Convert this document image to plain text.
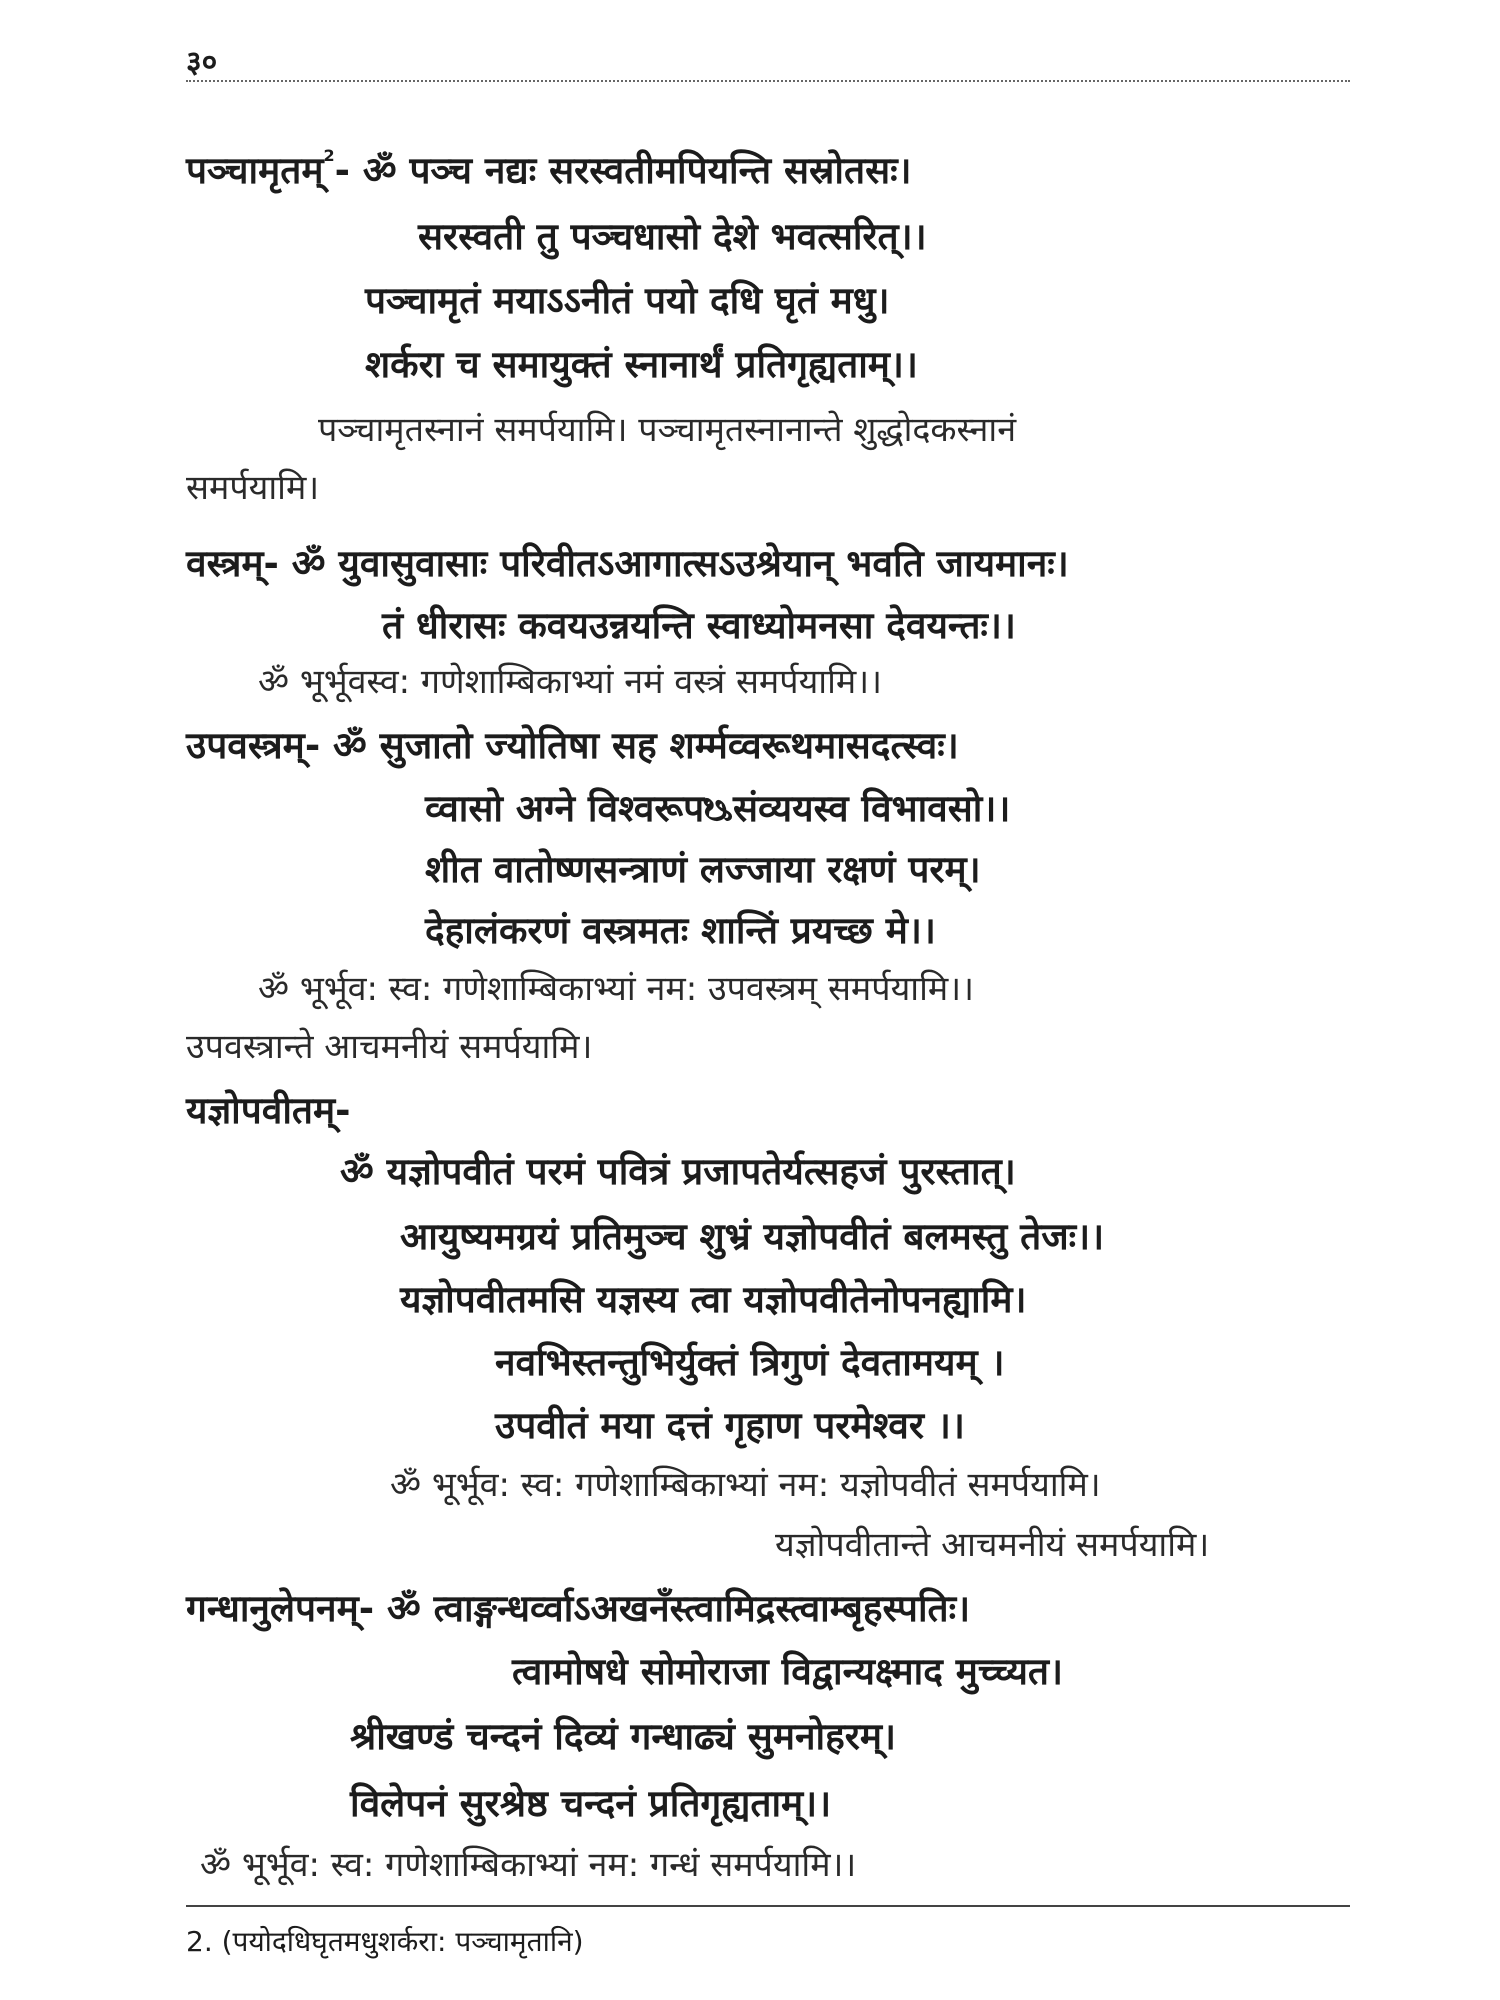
३०
पञ्चामृतम्$^2$- ॐ पञ्च नद्यः सरस्वतीमपियन्ति सस्रोतसः।
सरस्वती तु पञ्चधासो देशे भवत्सरित्।।
पञ्चामृतं मयाऽऽनीतं पयो दधि घृतं मधु।
शर्करा च समायुक्तं स्नानार्थं प्रतिगृह्यताम्।।
पञ्चामृतस्नानं समर्पयामि। पञ्चामृतस्नानान्ते शुद्धोदकस्नानं
समर्पयामि।
वस्त्रम्- ॐ युवासुवासाः परिवीतऽआगात्सऽउश्रेयान् भवति जायमानः।
तं धीरासः कवयउन्नयन्ति स्वाध्योमनसा देवयन्तः।।
ॐ भूर्भूवस्व: गणेशाम्बिकाभ्यां नमं वस्त्रं समर्पयामि।।
उपवस्त्रम्- ॐ सुजातो ज्योतिषा सह शर्म्मव्वरूथमासदत्स्वः।
व्वासो अग्ने विश्वरूपᳬसंव्ययस्व विभावसो।।
शीत वातोष्णसन्त्राणं लज्जाया रक्षणं परम्।
देहालंकरणं वस्त्रमतः शान्तिं प्रयच्छ मे।।
ॐ भूर्भूव: स्व: गणेशाम्बिकाभ्यां नम: उपवस्त्रम् समर्पयामि।।
उपवस्त्रान्ते आचमनीयं समर्पयामि।
यज्ञोपवीतम्-
ॐ यज्ञोपवीतं परमं पवित्रं प्रजापतेर्यत्सहजं पुरस्तात्।
आयुष्यमग्रयं प्रतिमुञ्च शुभ्रं यज्ञोपवीतं बलमस्तु तेजः।।
यज्ञोपवीतमसि यज्ञस्य त्वा यज्ञोपवीतेनोपनह्यामि।
नवभिस्तन्तुभिर्युक्तं त्रिगुणं देवतामयम् ।
उपवीतं मया दत्तं गृहाण परमेश्वर ।।
ॐ भूर्भूव: स्व: गणेशाम्बिकाभ्यां नम: यज्ञोपवीतं समर्पयामि।
यज्ञोपवीतान्ते आचमनीयं समर्पयामि।
गन्धानुलेपनम्- ॐ त्वाङ्गन्धर्व्वाऽअखनँस्त्वामिद्रस्त्वाम्बृहस्पतिः।
त्वामोषधे सोमोराजा विद्वान्यक्ष्माद मुच्च्यत।
श्रीखण्डं चन्दनं दिव्यं गन्धाढ्यं सुमनोहरम्।
विलेपनं सुरश्रेष्ठ चन्दनं प्रतिगृह्यताम्।।
ॐ भूर्भूव: स्व: गणेशाम्बिकाभ्यां नम: गन्धं समर्पयामि।।
2. (पयोदधिघृतमधुशर्करा: पञ्चामृतानि)
